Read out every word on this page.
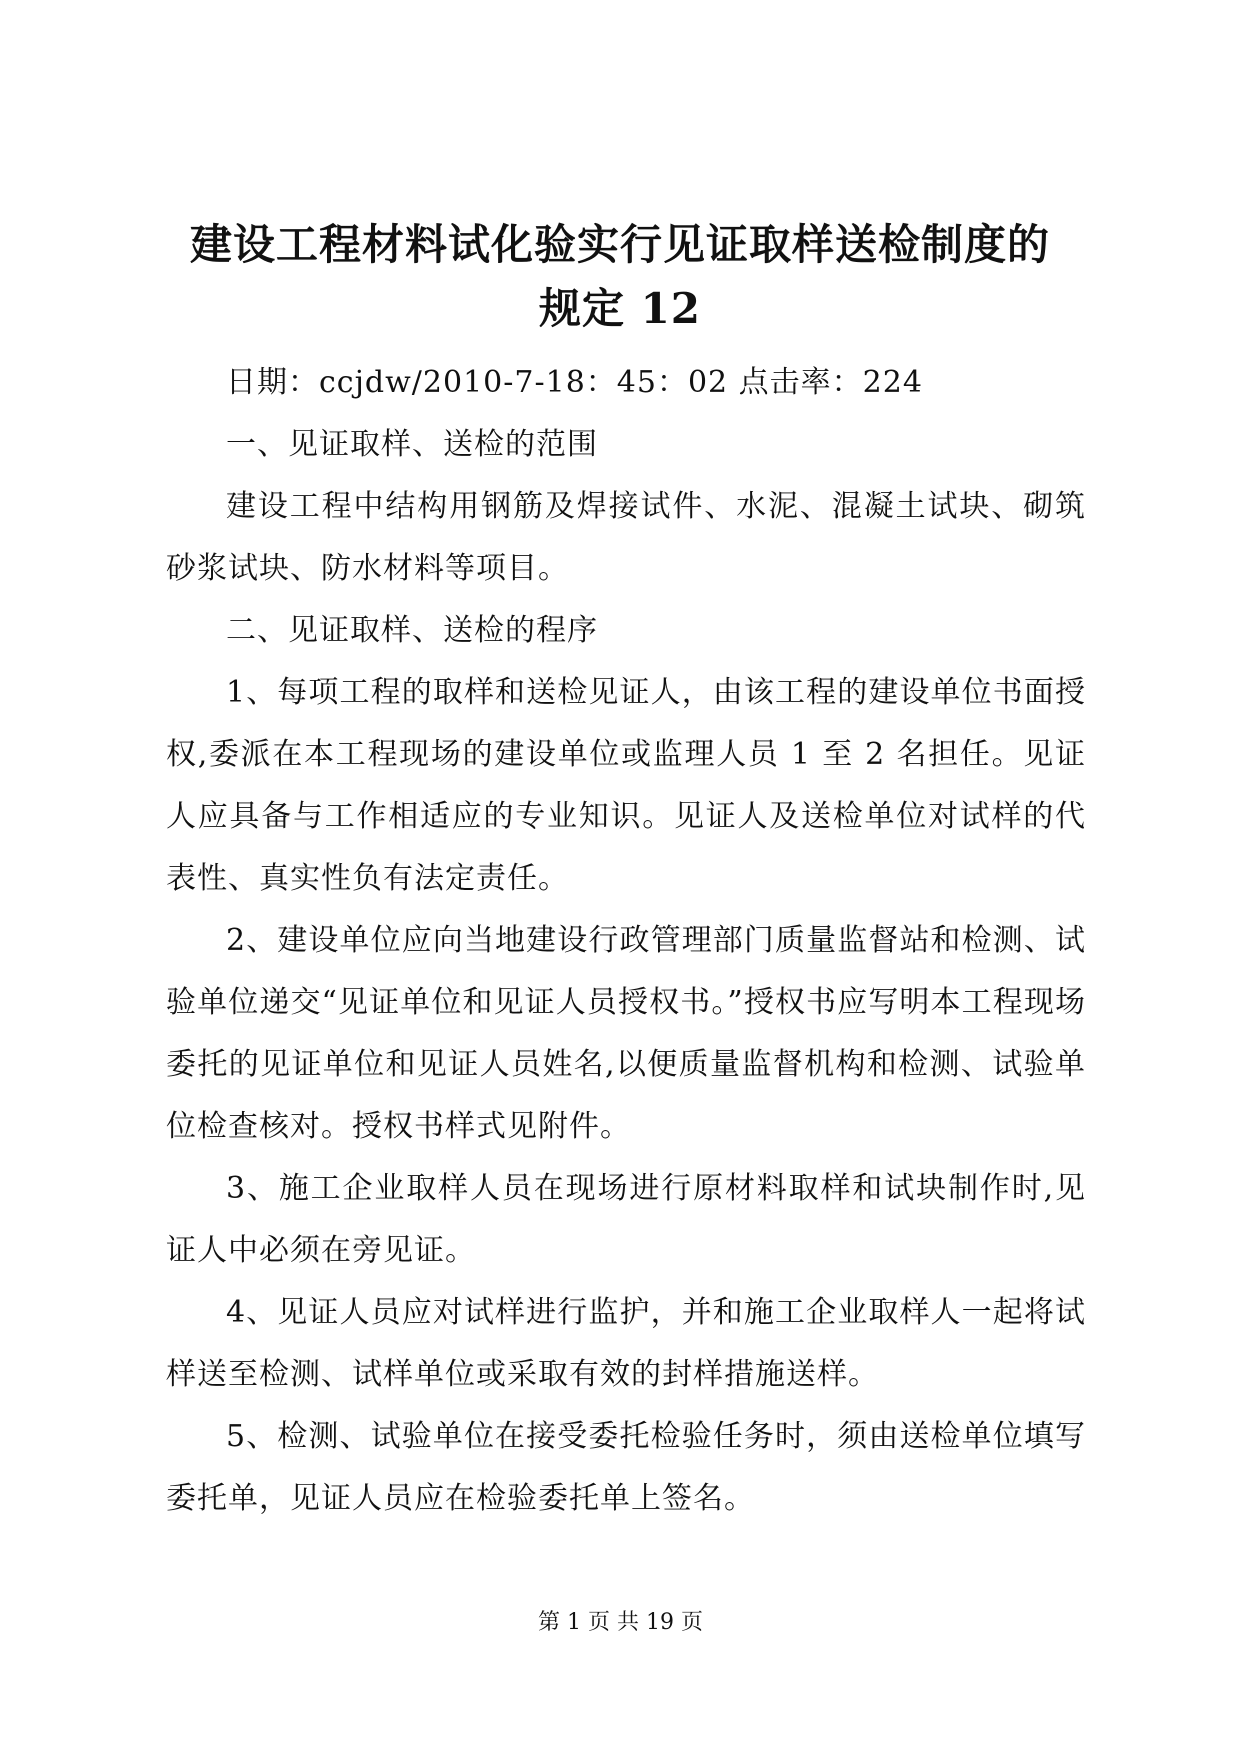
建设工程材料试化验实行见证取样送检制度的
规定 12

日期：ccjdw/2010-7-18：45：02 点击率：224

一、见证取样、送检的范围

建设工程中结构用钢筋及焊接试件、水泥、混凝土试块、砌筑砂浆试块、防水材料等项目。

二、见证取样、送检的程序

1、每项工程的取样和送检见证人，由该工程的建设单位书面授权,委派在本工程现场的建设单位或监理人员 1 至 2 名担任。见证人应具备与工作相适应的专业知识。见证人及送检单位对试样的代表性、真实性负有法定责任。

2、建设单位应向当地建设行政管理部门质量监督站和检测、试验单位递交“见证单位和见证人员授权书。”授权书应写明本工程现场委托的见证单位和见证人员姓名,以便质量监督机构和检测、试验单位检查核对。授权书样式见附件。

3、施工企业取样人员在现场进行原材料取样和试块制作时,见证人中必须在旁见证。

4、见证人员应对试样进行监护，并和施工企业取样人一起将试样送至检测、试样单位或采取有效的封样措施送样。

5、检测、试验单位在接受委托检验任务时，须由送检单位填写委托单，见证人员应在检验委托单上签名。

第 1 页 共 19 页
